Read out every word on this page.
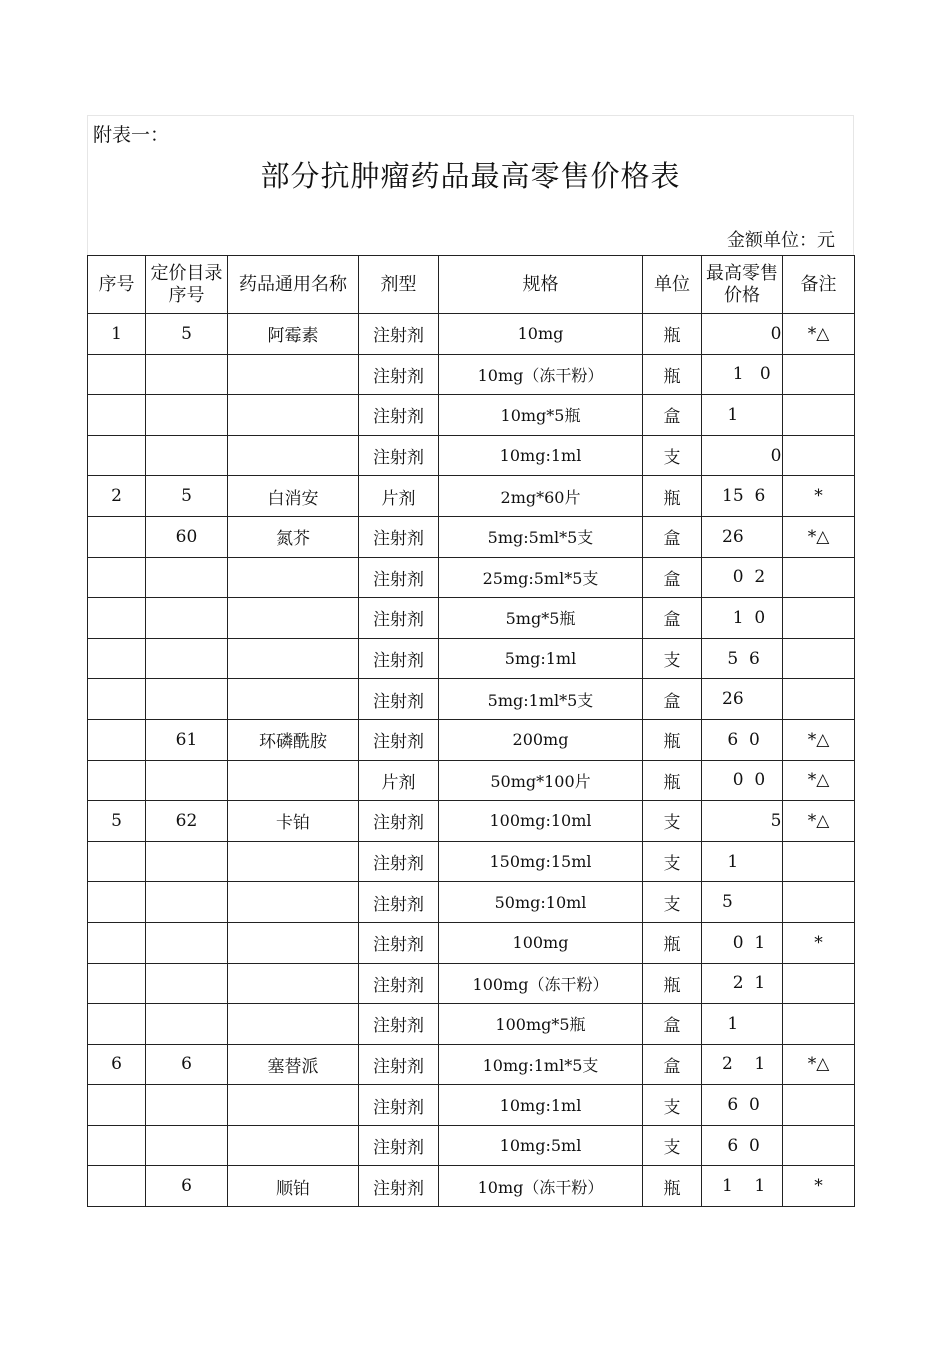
附表一：
部分抗肿瘤药品最高零售价格表
金额单位：元
序号	定价目录序号	药品通用名称	剂型	规格	单位	最高零售价格	备注
1	5	阿霉素	注射剂	10mg	瓶	0	*△
			注射剂	10mg（冻干粉）	瓶	1   0	
			注射剂	10mg*5瓶	盒	1	
			注射剂	10mg:1ml	支	0	
2	5	白消安	片剂	2mg*60片	瓶	15  6	*
	60	氮芥	注射剂	5mg:5ml*5支	盒	26	*△
			注射剂	25mg:5ml*5支	盒	0  2	
			注射剂	5mg*5瓶	盒	1  0	
			注射剂	5mg:1ml	支	5  6	
			注射剂	5mg:1ml*5支	盒	26	
	61	环磷酰胺	注射剂	200mg	瓶	6  0	*△
			片剂	50mg*100片	瓶	0  0	*△
5	62	卡铂	注射剂	100mg:10ml	支	5	*△
			注射剂	150mg:15ml	支	1	
			注射剂	50mg:10ml	支	5	
			注射剂	100mg	瓶	0  1	*
			注射剂	100mg（冻干粉）	瓶	2  1	
			注射剂	100mg*5瓶	盒	1	
6	6	塞替派	注射剂	10mg:1ml*5支	盒	2    1	*△
			注射剂	10mg:1ml	支	6  0	
			注射剂	10mg:5ml	支	6  0	
	6	顺铂	注射剂	10mg（冻干粉）	瓶	1    1	*
